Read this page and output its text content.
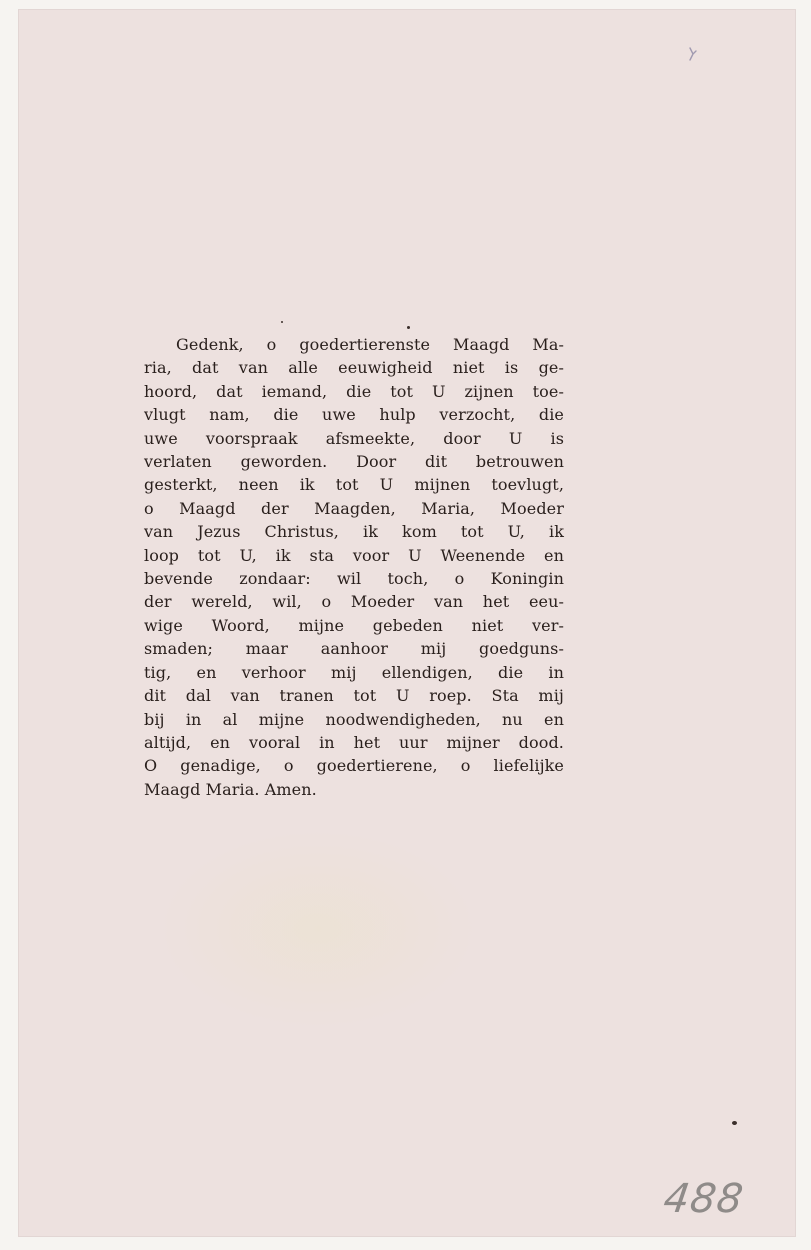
Gedenk, o goedertierenste Maagd Ma-
ria, dat van alle eeuwigheid niet is ge-
hoord, dat iemand, die tot U zijnen toe-
vlugt nam, die uwe hulp verzocht, die
uwe voorspraak afsmeekte, door U is
verlaten geworden. Door dit betrouwen
gesterkt, neen ik tot U mijnen toevlugt,
o Maagd der Maagden, Maria, Moeder
van Jezus Christus, ik kom tot U, ik
loop tot U, ik sta voor U Weenende en
bevende zondaar: wil toch, o Koningin
der wereld, wil, o Moeder van het eeu-
wige Woord, mijne gebeden niet ver-
smaden; maar aanhoor mij goedguns-
tig, en verhoor mij ellendigen, die in
dit dal van tranen tot U roep. Sta mij
bij in al mijne noodwendigheden, nu en
altijd, en vooral in het uur mijner dood.
O genadige, o goedertierene, o liefelijke
Maagd Maria. Amen.
488
